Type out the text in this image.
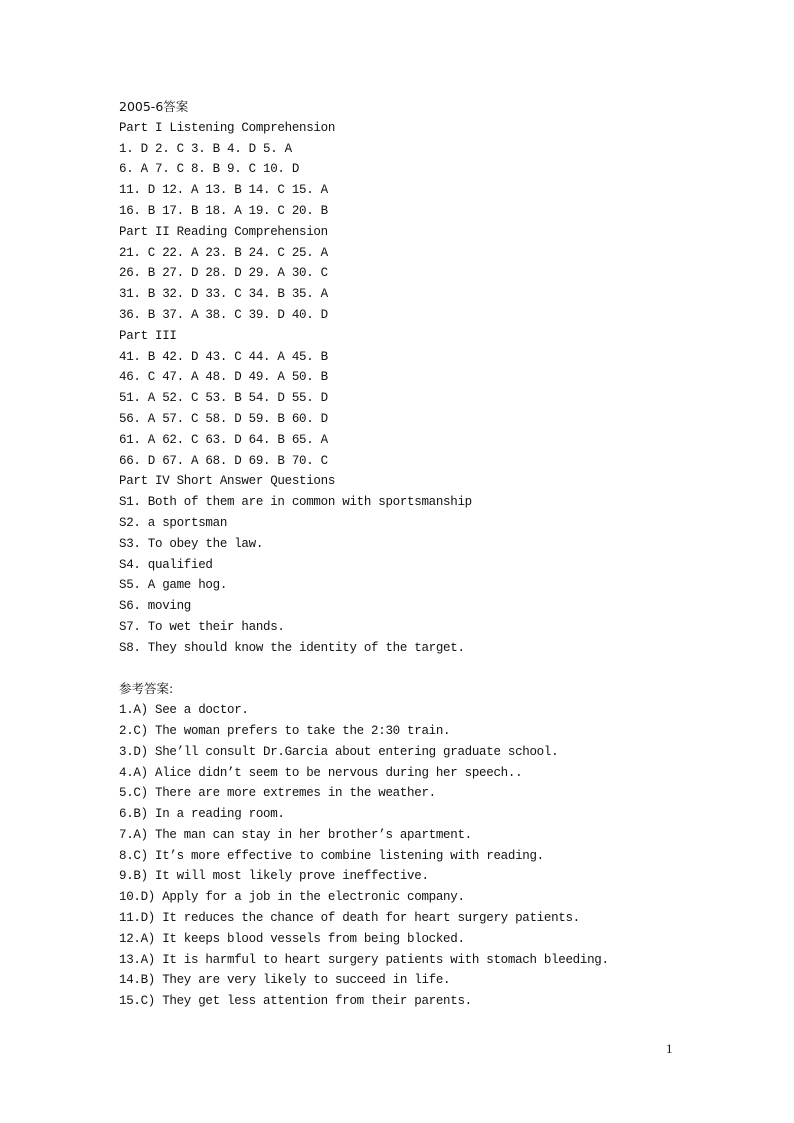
2005-6答案
Part I Listening Comprehension
1. D 2. C 3. B 4. D 5. A
6. A 7. C 8. B 9. C 10. D
11. D 12. A 13. B 14. C 15. A
16. B 17. B 18. A 19. C 20. B
Part II Reading Comprehension
21. C 22. A 23. B 24. C 25. A
26. B 27. D 28. D 29. A 30. C
31. B 32. D 33. C 34. B 35. A
36. B 37. A 38. C 39. D 40. D
Part III
41. B 42. D 43. C 44. A 45. B
46. C 47. A 48. D 49. A 50. B
51. A 52. C 53. B 54. D 55. D
56. A 57. C 58. D 59. B 60. D
61. A 62. C 63. D 64. B 65. A
66. D 67. A 68. D 69. B 70. C
Part IV Short Answer Questions
S1. Both of them are in common with sportsmanship
S2. a sportsman
S3. To obey the law.
S4. qualified
S5. A game hog.
S6. moving
S7. To wet their hands.
S8. They should know the identity of the target.
参考答案:
1.A) See a doctor.
2.C) The woman prefers to take the 2:30 train.
3.D) She’ll consult Dr.Garcia about entering graduate school.
4.A) Alice didn’t seem to be nervous during her speech..
5.C) There are more extremes in the weather.
6.B) In a reading room.
7.A) The man can stay in her brother’s apartment.
8.C) It’s more effective to combine listening with reading.
9.B) It will most likely prove ineffective.
10.D) Apply for a job in the electronic company.
11.D) It reduces the chance of death for heart surgery patients.
12.A) It keeps blood vessels from being blocked.
13.A) It is harmful to heart surgery patients with stomach bleeding.
14.B) They are very likely to succeed in life.
15.C) They get less attention from their parents.
1
